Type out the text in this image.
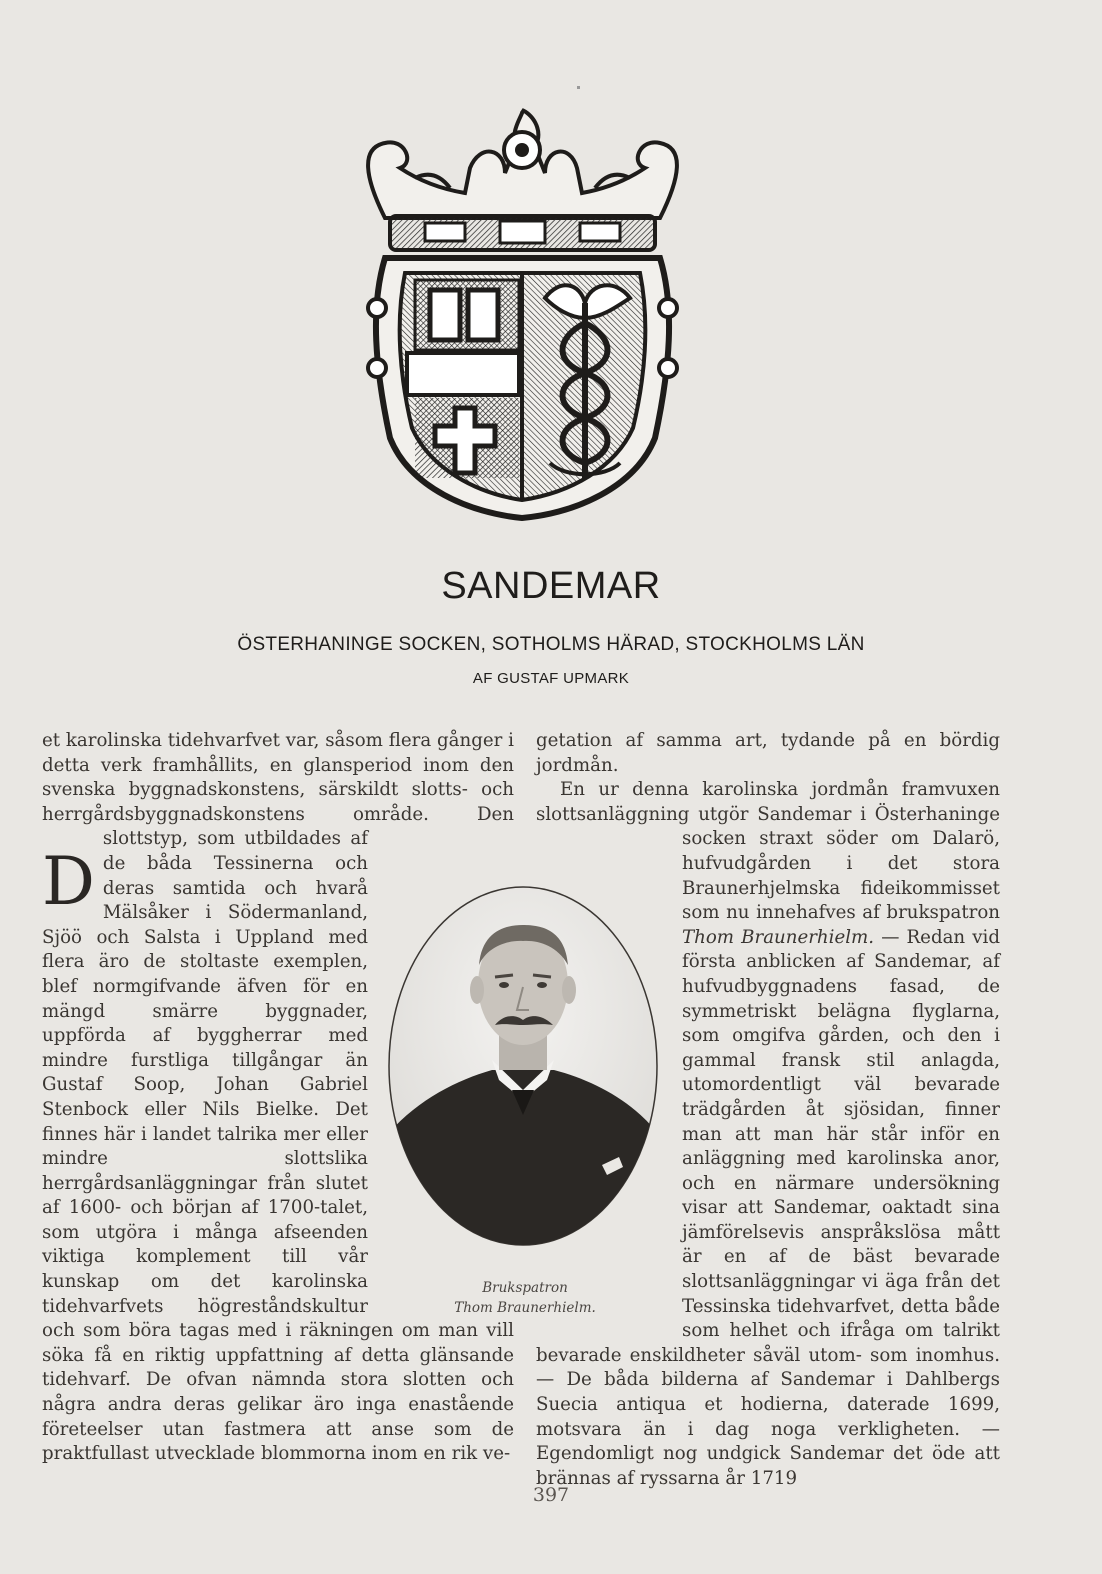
SANDEMAR
ÖSTERHANINGE SOCKEN, SOTHOLMS HÄRAD, STOCKHOLMS LÄN
AF GUSTAF UPMARK
D

et karolinska tidehvarfvet var, såsom flera gånger i detta verk framhållits, en glansperiod inom den svenska byggnadskonstens, särskildt slotts- och herrgårdsbyggnadskonstens område. Den slottstyp, som utbildades af de båda Tessinerna och deras samtida och hvarå Mälsåker i Södermanland, Sjöö och Salsta i Uppland med flera äro de stoltaste exemplen, blef normgifvande äfven för en mängd smärre byggnader, uppförda af byggherrar med mindre furstliga tillgångar än Gustaf Soop, Johan Gabriel Stenbock eller Nils Bielke. Det finnes här i landet talrika mer eller mindre slottslika herrgårdsanläggningar från slutet af 1600- och början af 1700-talet, som utgöra i många afseenden viktiga komplement till vår kunskap om det karolinska tidehvarfvets högreståndskultur och som böra tagas med i räkningen om man vill söka få en riktig uppfattning af detta glänsande tidehvarf. De ofvan nämnda stora slotten och några andra deras gelikar äro inga enastående företeelser utan fastmera att anse som de praktfullast utvecklade blommorna inom en rik ve-

getation af samma art, tydande på en bördig jordmån.

En ur denna karolinska jordmån framvuxen slottsanläggning utgör Sandemar i Österhaninge socken straxt söder om Dalarö, hufvudgården i det stora Braunerhjelmska fideikommisset som nu innehafves af brukspatron Thom Braunerhielm. — Redan vid första anblicken af Sandemar, af hufvudbyggnadens fasad, de symmetriskt belägna flyglarna, som omgifva gården, och den i gammal fransk stil anlagda, utomordentligt väl bevarade trädgården åt sjösidan, finner man att man här står inför en anläggning med karolinska anor, och en närmare undersökning visar att Sandemar, oaktadt sina jämförelsevis anspråkslösa mått är en af de bäst bevarade slottsanläggningar vi äga från det Tessinska tidehvarfvet, detta både som helhet och ifråga om talrikt bevarade enskildheter såväl utom- som inomhus. — De båda bilderna af Sandemar i Dahlbergs Suecia antiqua et hodierna, daterade 1699, motsvara än i dag noga verkligheten. — Egendomligt nog undgick Sandemar det öde att brännas af ryssarna år 1719

Brukspatron
Thom Braunerhielm.
397
